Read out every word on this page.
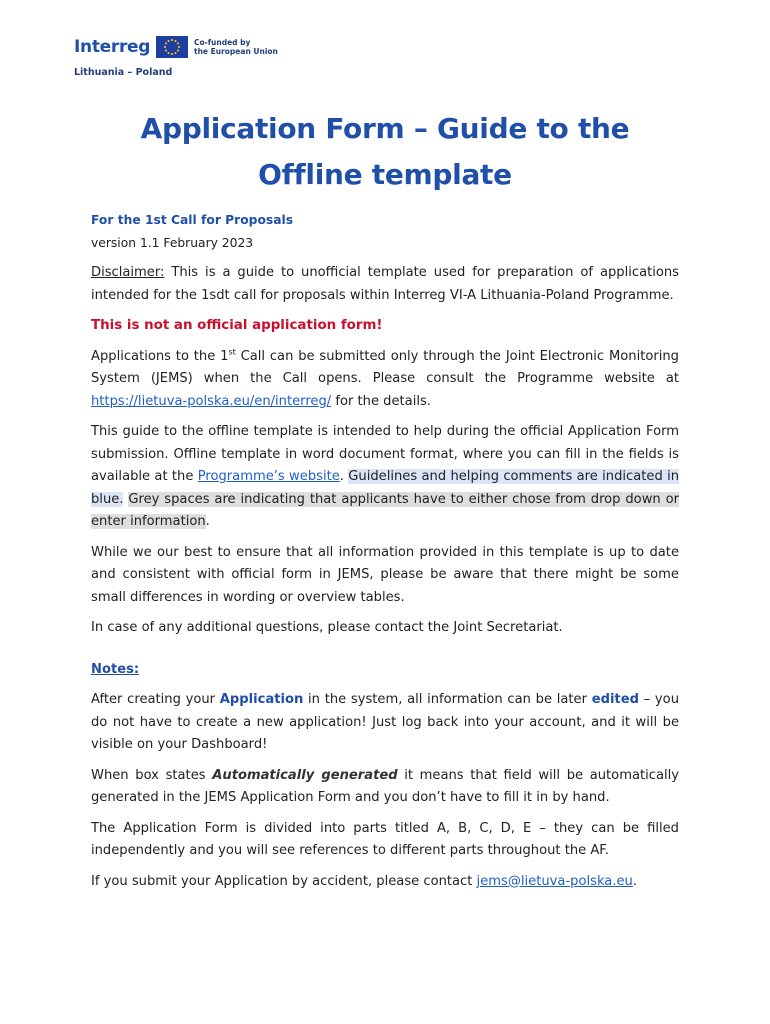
Interreg
Lithuania – Poland
Co-funded by
the European Union
Application Form – Guide to the
Offline template

For the 1st Call for Proposals

version 1.1 February 2023

Disclaimer: This is a guide to unofficial template used for preparation of applications intended for the 1sdt call for proposals within Interreg VI-A Lithuania-Poland Programme.

This is not an official application form!

Applications to the 1st Call can be submitted only through the Joint Electronic Monitoring System (JEMS) when the Call opens. Please consult the Programme website at https://lietuva-polska.eu/en/interreg/ for the details.

This guide to the offline template is intended to help during the official Application Form submission. Offline template in word document format, where you can fill in the fields is available at the Programme’s website. Guidelines and helping comments are indicated in blue. Grey spaces are indicating that applicants have to either chose from drop down or enter information.

While we our best to ensure that all information provided in this template is up to date and consistent with official form in JEMS, please be aware that there might be some small differences in wording or overview tables.

In case of any additional questions, please contact the Joint Secretariat.

Notes:

After creating your Application in the system, all information can be later edited – you do not have to create a new application! Just log back into your account, and it will be visible on your Dashboard!

When box states Automatically generated it means that field will be automatically generated in the JEMS Application Form and you don’t have to fill it in by hand.

The Application Form is divided into parts titled A, B, C, D, E – they can be filled independently and you will see references to different parts throughout the AF.

If you submit your Application by accident, please contact jems@lietuva-polska.eu.
